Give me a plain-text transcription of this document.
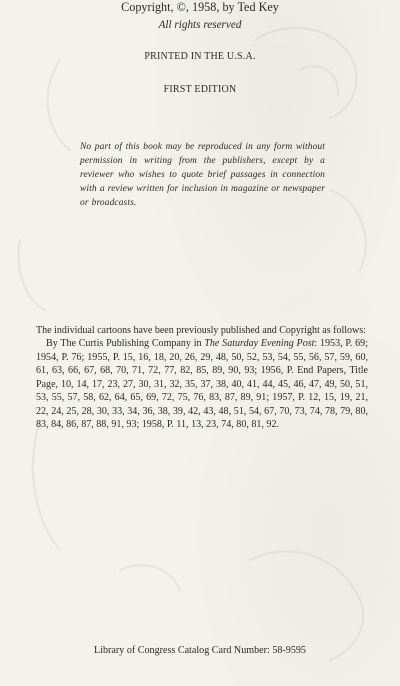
Copyright, ©, 1958, by Ted Key
All rights reserved
PRINTED IN THE U.S.A.
FIRST EDITION
No part of this book may be reproduced in any form without permission in writing from the publishers, except by a reviewer who wishes to quote brief passages in connection with a review written for inclusion in magazine or newspaper or broadcasts.

The individual cartoons have been previously published and Copyright as follows:

By The Curtis Publishing Company in The Saturday Evening Post: 1953, P. 69; 1954, P. 76; 1955, P. 15, 16, 18, 20, 26, 29, 48, 50, 52, 53, 54, 55, 56, 57, 59, 60, 61, 63, 66, 67, 68, 70, 71, 72, 77, 82, 85, 89, 90, 93; 1956, P. End Papers, Title Page, 10, 14, 17, 23, 27, 30, 31, 32, 35, 37, 38, 40, 41, 44, 45, 46, 47, 49, 50, 51, 53, 55, 57, 58, 62, 64, 65, 69, 72, 75, 76, 83, 87, 89, 91; 1957, P. 12, 15, 19, 21, 22, 24, 25, 28, 30, 33, 34, 36, 38, 39, 42, 43, 48, 51, 54, 67, 70, 73, 74, 78, 79, 80, 83, 84, 86, 87, 88, 91, 93; 1958, P. 11, 13, 23, 74, 80, 81, 92.

Library of Congress Catalog Card Number: 58-9595
